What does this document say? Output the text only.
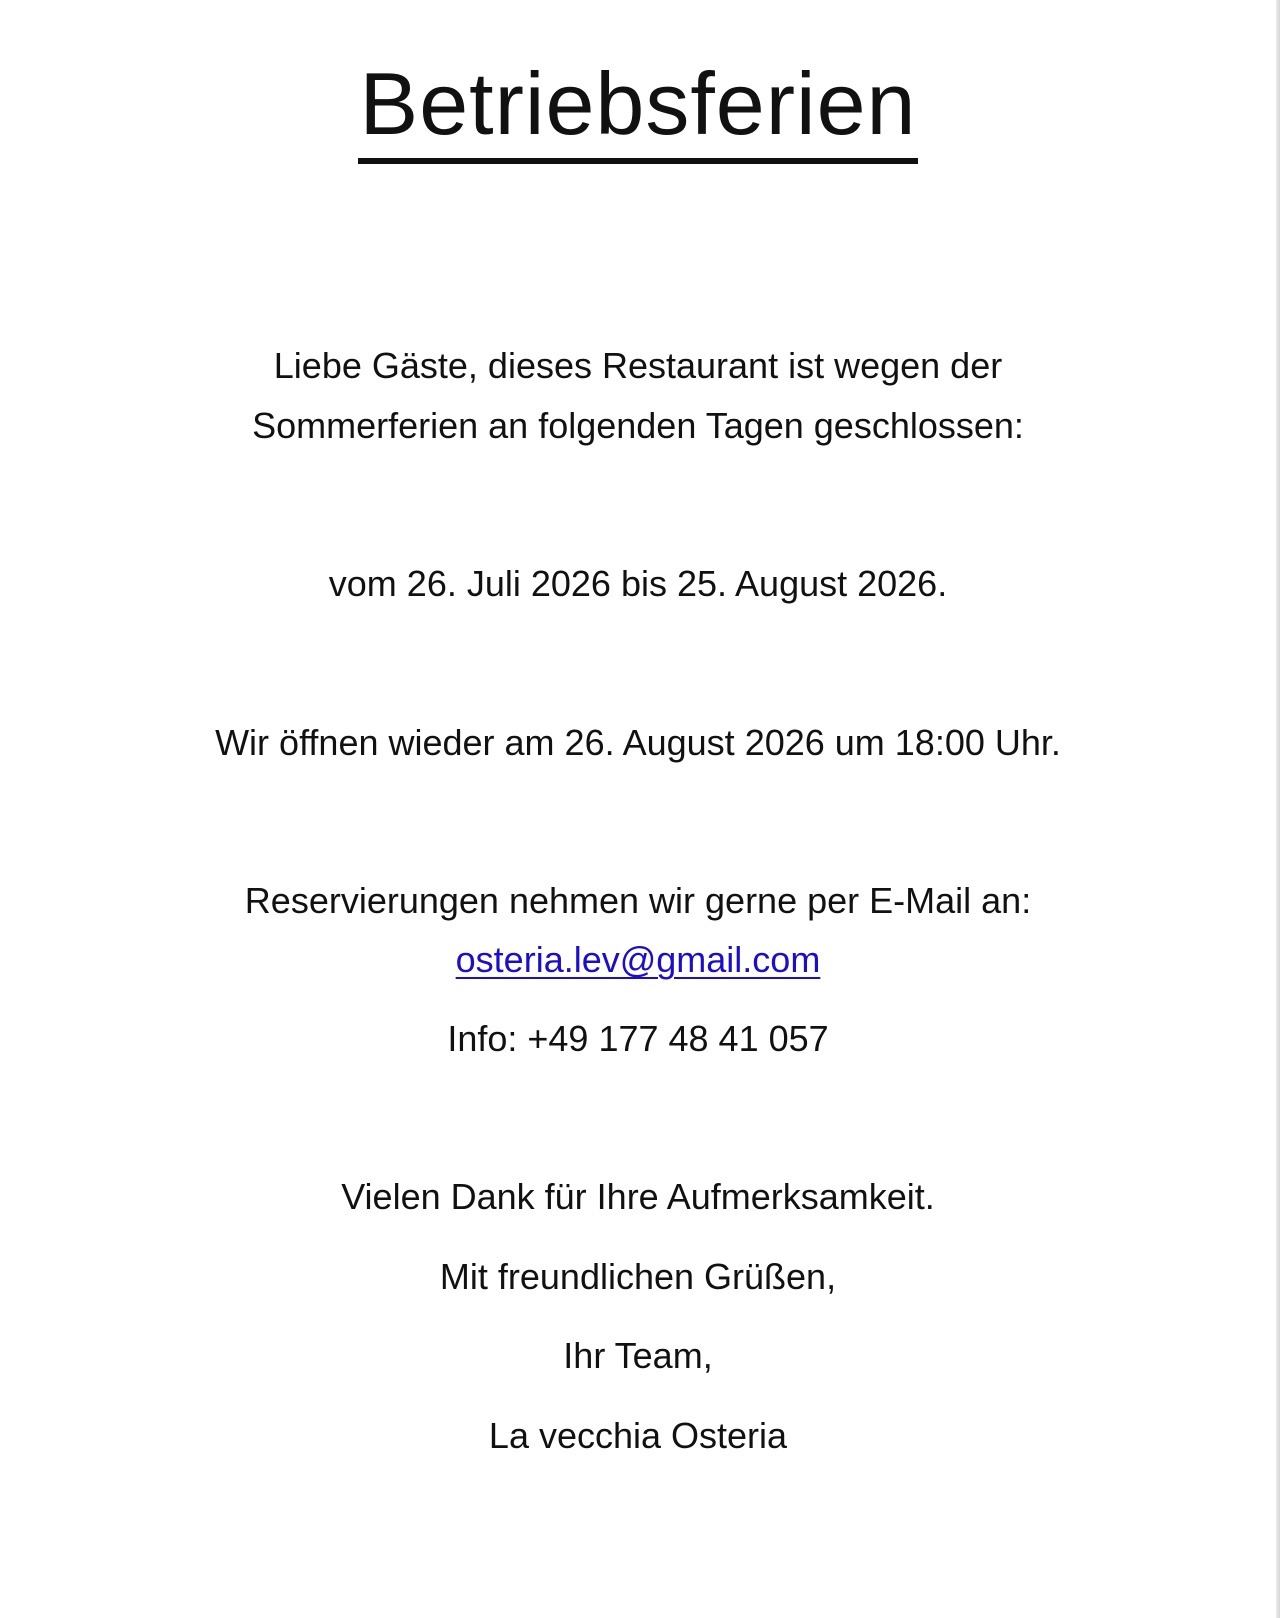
Betriebsferien
Liebe Gäste, dieses Restaurant ist wegen der
Sommerferien an folgenden Tagen geschlossen:
vom 26. Juli 2026 bis 25. August 2026.
Wir öffnen wieder am 26. August 2026 um 18:00 Uhr.
Reservierungen nehmen wir gerne per E-Mail an:
osteria.lev@gmail.com
Info: +49 177 48 41 057
Vielen Dank für Ihre Aufmerksamkeit.
Mit freundlichen Grüßen,
Ihr Team,
La vecchia Osteria
